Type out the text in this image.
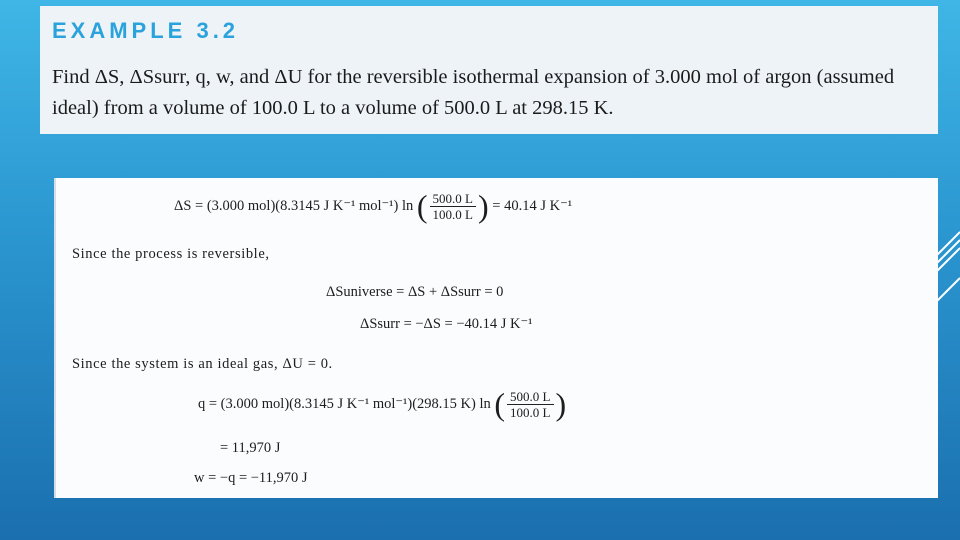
EXAMPLE 3.2
Find ΔS, ΔSsurr, q, w, and ΔU for the reversible isothermal expansion of 3.000 mol of argon (assumed ideal) from a volume of 100.0 L to a volume of 500.0 L at 298.15 K.
ΔS = (3.000 mol)(8.3145 J K⁻¹ mol⁻¹) ln ( $\frac{500.0 L}{100.0 L}$ ) = 40.14 J K⁻¹
Since the process is reversible,
ΔSuniverse = ΔS + ΔSsurr = 0
ΔSsurr = −ΔS = −40.14 J K⁻¹
Since the system is an ideal gas, ΔU = 0.
q = (3.000 mol)(8.3145 J K⁻¹ mol⁻¹)(298.15 K) ln ( $\frac{500.0 L}{100.0 L}$ )
= 11,970 J
w = −q = −11,970 J
